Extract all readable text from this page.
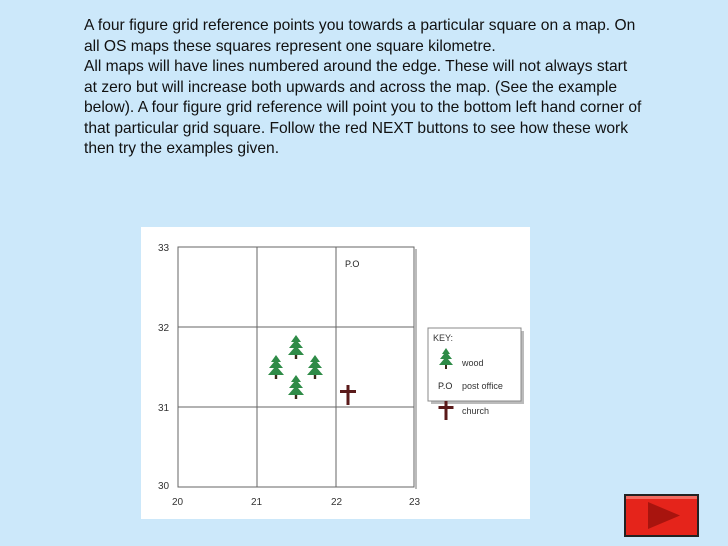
A four figure grid reference points you towards a particular square on a map. On all OS maps these squares represent one square kilometre.
All maps will have lines numbered around the edge. These will not always start at zero but will increase both upwards and across the map. (See the example below). A four figure grid reference will point you to the bottom left hand corner of that particular grid square. Follow the red NEXT buttons to see how these work then try the examples given.
33
32
31
30
20	21	22	23
P.O
KEY:
wood
P.O post office
church
